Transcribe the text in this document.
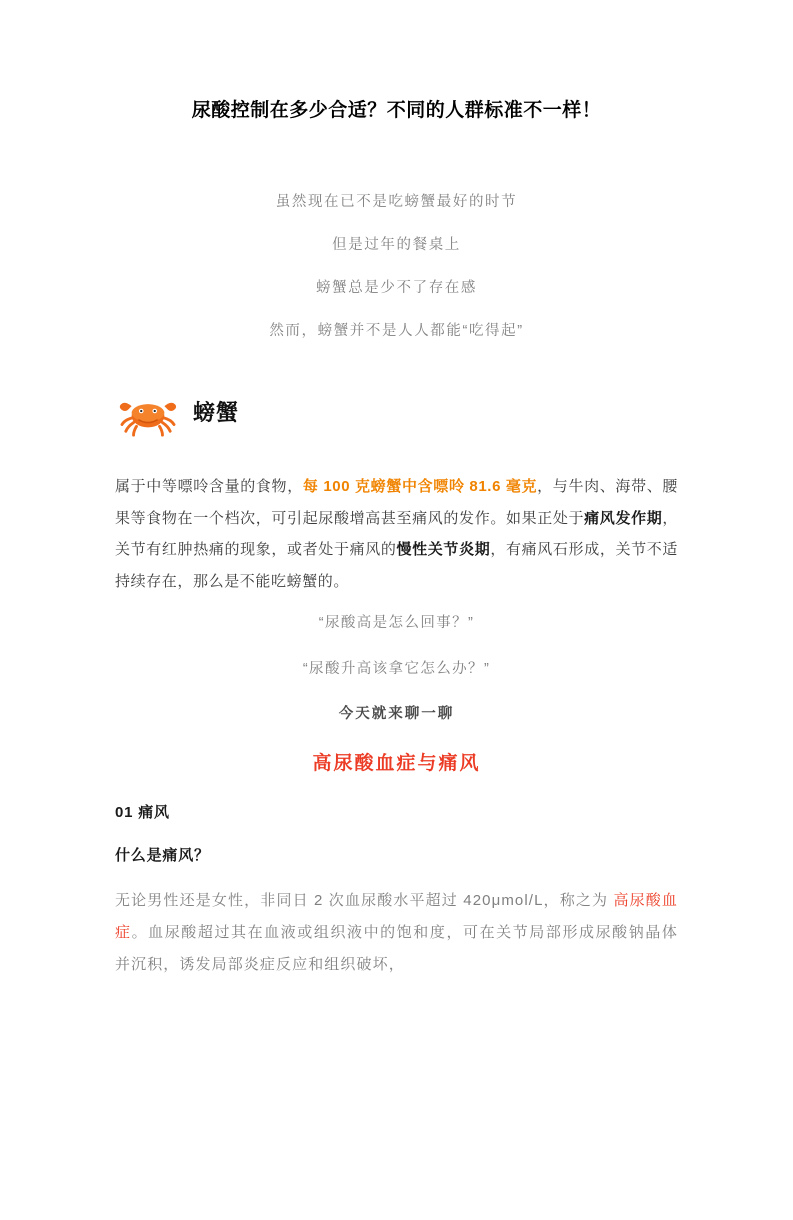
尿酸控制在多少合适？不同的人群标准不一样！

虽然现在已不是吃螃蟹最好的时节

但是过年的餐桌上

螃蟹总是少不了存在感

然而，螃蟹并不是人人都能“吃得起”

螃蟹

属于中等嘌呤含量的食物，每 100 克螃蟹中含嘌呤 81.6 毫克，与牛肉、海带、腰果等食物在一个档次，可引起尿酸增高甚至痛风的发作。如果正处于痛风发作期，关节有红肿热痛的现象，或者处于痛风的慢性关节炎期，有痛风石形成，关节不适持续存在，那么是不能吃螃蟹的。

“尿酸高是怎么回事？”

“尿酸升高该拿它怎么办？”

今天就来聊一聊

高尿酸血症与痛风
01 痛风
什么是痛风？

无论男性还是女性，非同日 2 次血尿酸水平超过 420μmol/L，称之为 高尿酸血症。血尿酸超过其在血液或组织液中的饱和度，可在关节局部形成尿酸钠晶体并沉积，诱发局部炎症反应和组织破坏，
